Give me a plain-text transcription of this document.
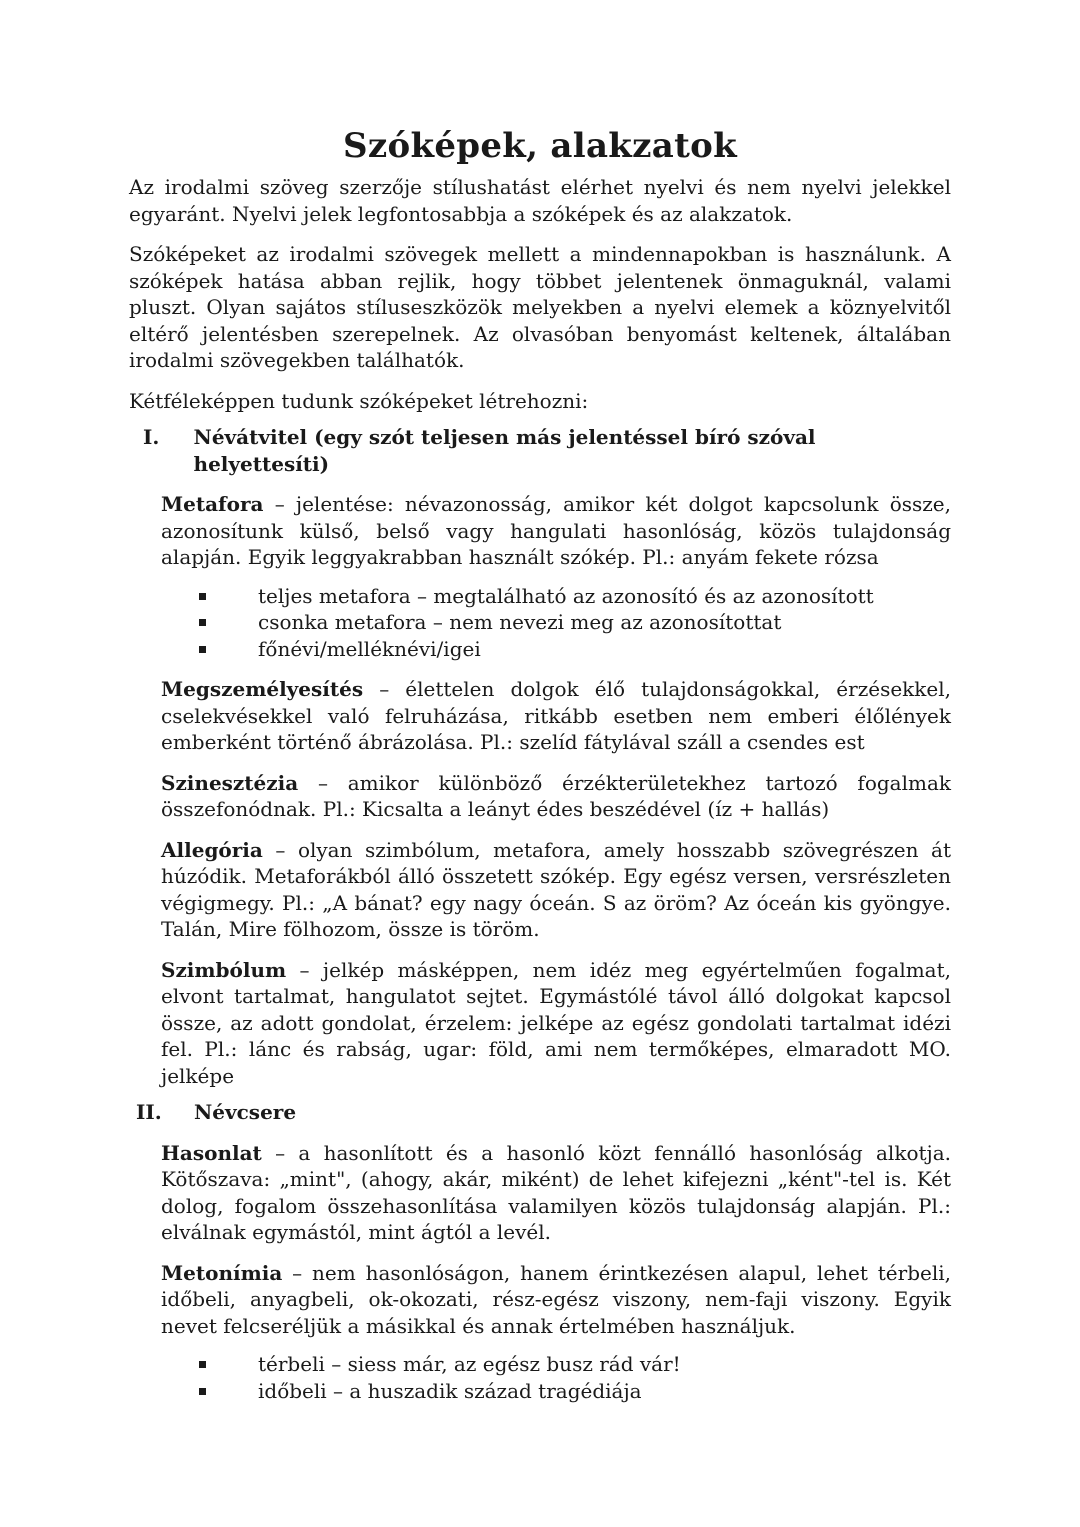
Szóképek, alakzatok

Az irodalmi szöveg szerzője stílushatást elérhet nyelvi és nem nyelvi jelekkel egyaránt. Nyelvi jelek legfontosabbja a szóképek és az alakzatok.

Szóképeket az irodalmi szövegek mellett a mindennapokban is használunk. A szóképek hatása abban rejlik, hogy többet jelentenek önmaguknál, valami pluszt. Olyan sajátos stíluseszközök melyekben a nyelvi elemek a köznyelvitől eltérő jelentésben szerepelnek. Az olvasóban benyomást keltenek, általában irodalmi szövegekben találhatók.

Kétféleképpen tudunk szóképeket létrehozni:

I.	Névátvitel (egy szót teljesen más jelentéssel bíró szóval helyettesíti)

Metafora – jelentése: névazonosság, amikor két dolgot kapcsolunk össze, azonosítunk külső, belső vagy hangulati hasonlóság, közös tulajdonság alapján. Egyik leggyakrabban használt szókép. Pl.: anyám fekete rózsa

teljes metafora – megtalálható az azonosító és az azonosított
csonka metafora – nem nevezi meg az azonosítottat
főnévi/melléknévi/igei

Megszemélyesítés – élettelen dolgok élő tulajdonságokkal, érzésekkel, cselekvésekkel való felruházása, ritkább esetben nem emberi élőlények emberként történő ábrázolása. Pl.: szelíd fátylával száll a csendes est

Szinesztézia – amikor különböző érzékterületekhez tartozó fogalmak összefonódnak. Pl.: Kicsalta a leányt édes beszédével (íz + hallás)

Allegória – olyan szimbólum, metafora, amely hosszabb szövegrészen át húzódik. Metaforákból álló összetett szókép. Egy egész versen, versrészleten végigmegy. Pl.: „A bánat? egy nagy óceán. S az öröm? Az óceán kis gyöngye. Talán, Mire fölhozom, össze is töröm.

Szimbólum – jelkép másképpen, nem idéz meg egyértelműen fogalmat, elvont tartalmat, hangulatot sejtet. Egymástólé távol álló dolgokat kapcsol össze, az adott gondolat, érzelem: jelképe az egész gondolati tartalmat idézi fel. Pl.: lánc és rabság, ugar: föld, ami nem termőképes, elmaradott MO. jelképe

II.	Névcsere

Hasonlat – a hasonlított és a hasonló közt fennálló hasonlóság alkotja. Kötőszava: „mint", (ahogy, akár, miként) de lehet kifejezni „ként"-tel is. Két dolog, fogalom összehasonlítása valamilyen közös tulajdonság alapján. Pl.: elválnak egymástól, mint ágtól a levél.

Metonímia – nem hasonlóságon, hanem érintkezésen alapul, lehet térbeli, időbeli, anyagbeli, ok-okozati, rész-egész viszony, nem-faji viszony. Egyik nevet felcseréljük a másikkal és annak értelmében használjuk.

térbeli – siess már, az egész busz rád vár!
időbeli – a huszadik század tragédiája
